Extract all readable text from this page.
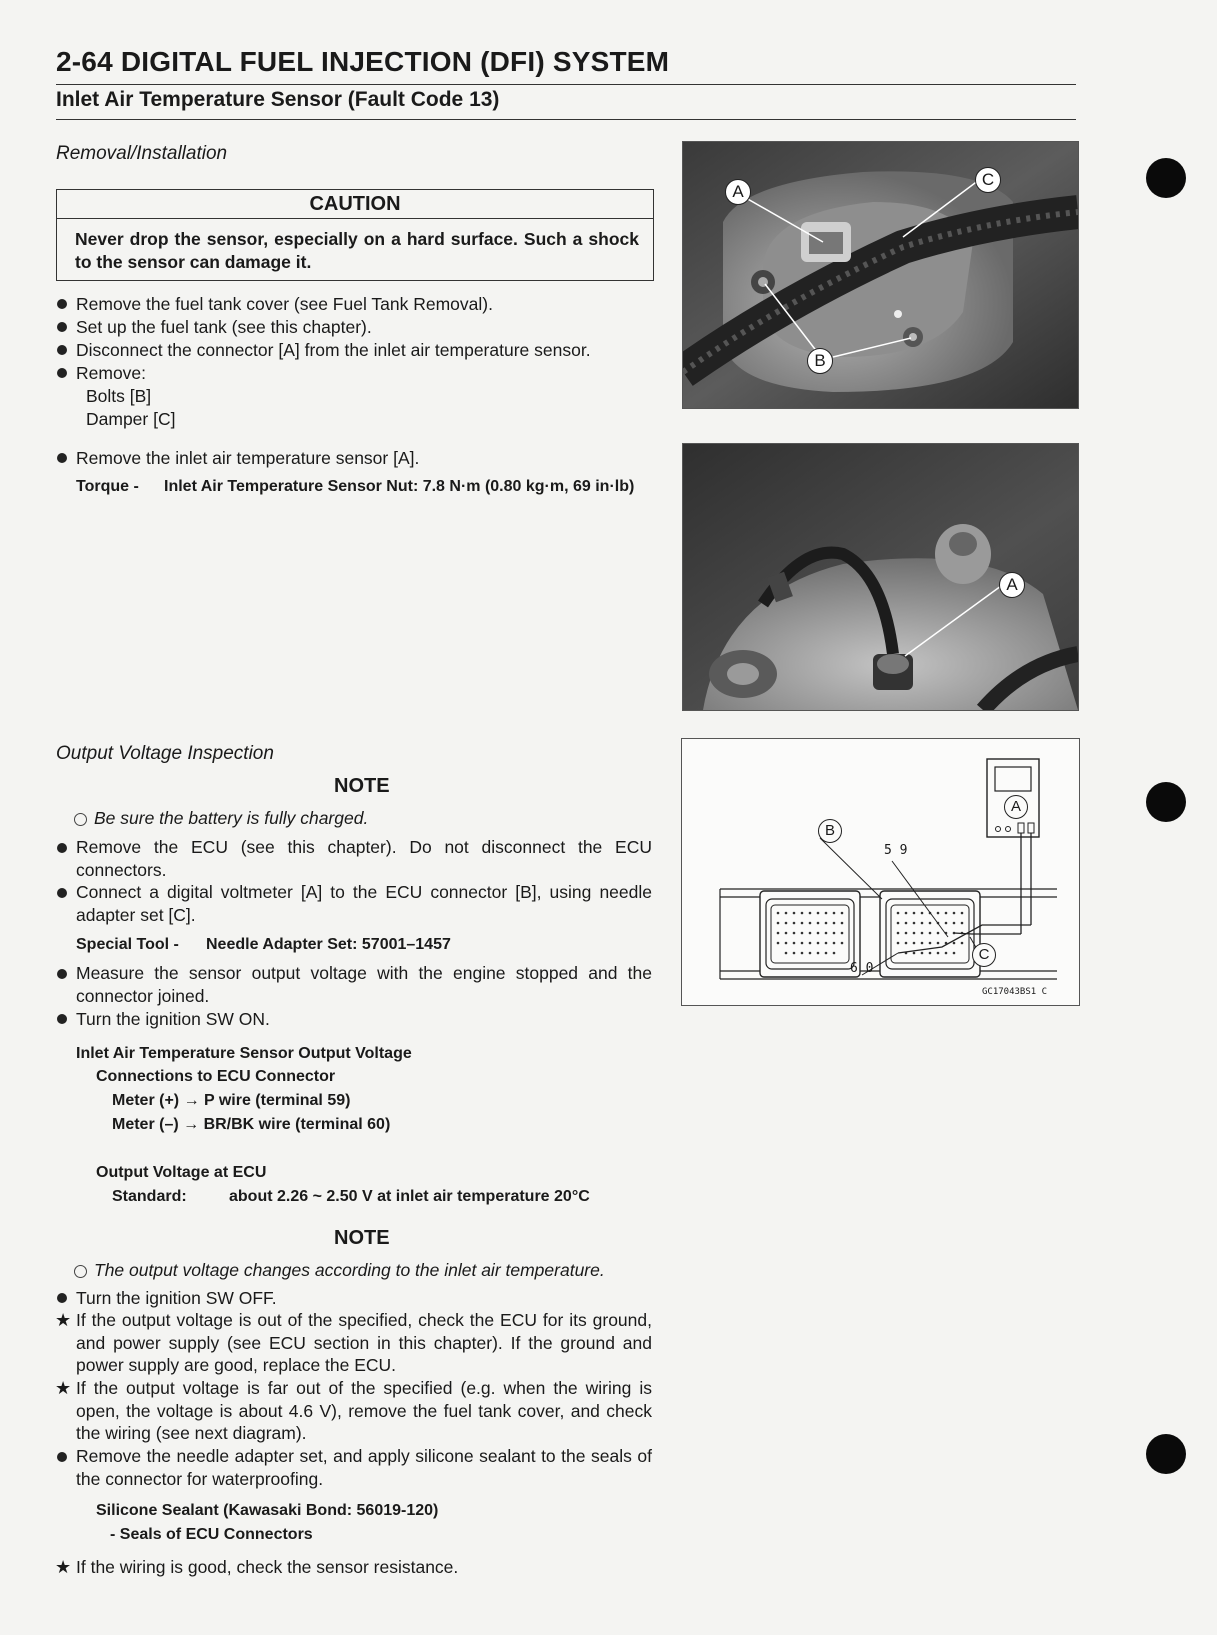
2-64 DIGITAL FUEL INJECTION (DFI) SYSTEM
Inlet Air Temperature Sensor (Fault Code 13)
Removal/Installation
CAUTION
Never drop the sensor, especially on a hard surface. Such a shock to the sensor can damage it.
Remove the fuel tank cover (see Fuel Tank Removal).
Set up the fuel tank (see this chapter).
Disconnect the connector [A] from the inlet air temperature sensor.
Remove:
Bolts [B]
Damper [C]
Remove the inlet air temperature sensor [A].
Torque - Inlet Air Temperature Sensor Nut: 7.8 N·m (0.80 kg·m, 69 in·lb)
A
C
B
A
A
B
C
5 9
6 0
GC17043BS1 C
Output Voltage Inspection
NOTE
Be sure the battery is fully charged.
Remove the ECU (see this chapter). Do not disconnect the ECU connectors.
Connect a digital voltmeter [A] to the ECU connector [B], using needle adapter set [C].
Special Tool - Needle Adapter Set: 57001–1457
Measure the sensor output voltage with the engine stopped and the connector joined.
Turn the ignition SW ON.
Inlet Air Temperature Sensor Output Voltage
Connections to ECU Connector
Meter (+) → P wire (terminal 59)
Meter (–) → BR/BK wire (terminal 60)
Output Voltage at ECU
Standard:	about 2.26 ~ 2.50 V at inlet air temperature 20°C
NOTE
The output voltage changes according to the inlet air temperature.
Turn the ignition SW OFF.
★ If the output voltage is out of the specified, check the ECU for its ground, and power supply (see ECU section in this chapter). If the ground and power supply are good, replace the ECU.
★ If the output voltage is far out of the specified (e.g. when the wiring is open, the voltage is about 4.6 V), remove the fuel tank cover, and check the wiring (see next diagram).
Remove the needle adapter set, and apply silicone sealant to the seals of the connector for waterproofing.
Silicone Sealant (Kawasaki Bond: 56019-120)
- Seals of ECU Connectors
★ If the wiring is good, check the sensor resistance.
